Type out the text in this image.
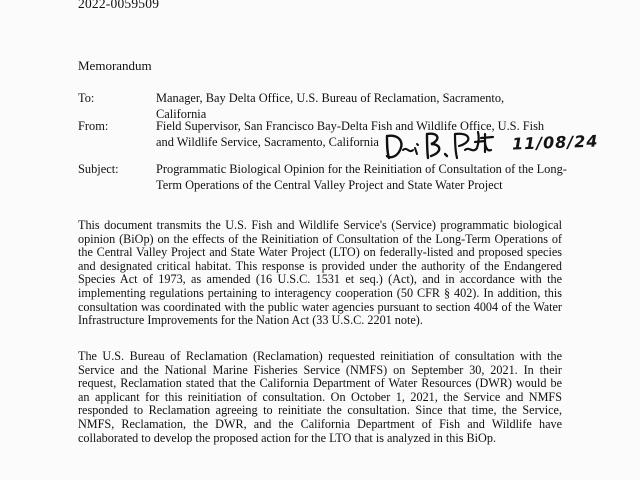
2022-0059509
Memorandum
To:	Manager, Bay Delta Office, U.S. Bureau of Reclamation, Sacramento, California
From:	Field Supervisor, San Francisco Bay-Delta Fish and Wildlife Office, U.S. Fish and Wildlife Service, Sacramento, California	11/08/24
Subject:	Programmatic Biological Opinion for the Reinitiation of Consultation of the Long-Term Operations of the Central Valley Project and State Water Project
This document transmits the U.S. Fish and Wildlife Service's (Service) programmatic biological opinion (BiOp) on the effects of the Reinitiation of Consultation of the Long-Term Operations of the Central Valley Project and State Water Project (LTO) on federally-listed and proposed species and designated critical habitat. This response is provided under the authority of the Endangered Species Act of 1973, as amended (16 U.S.C. 1531 et seq.) (Act), and in accordance with the implementing regulations pertaining to interagency cooperation (50 CFR § 402). In addition, this consultation was coordinated with the public water agencies pursuant to section 4004 of the Water Infrastructure Improvements for the Nation Act (33 U.S.C. 2201 note).
The U.S. Bureau of Reclamation (Reclamation) requested reinitiation of consultation with the Service and the National Marine Fisheries Service (NMFS) on September 30, 2021. In their request, Reclamation stated that the California Department of Water Resources (DWR) would be an applicant for this reinitiation of consultation. On October 1, 2021, the Service and NMFS responded to Reclamation agreeing to reinitiate the consultation. Since that time, the Service, NMFS, Reclamation, the DWR, and the California Department of Fish and Wildlife have collaborated to develop the proposed action for the LTO that is analyzed in this BiOp.
